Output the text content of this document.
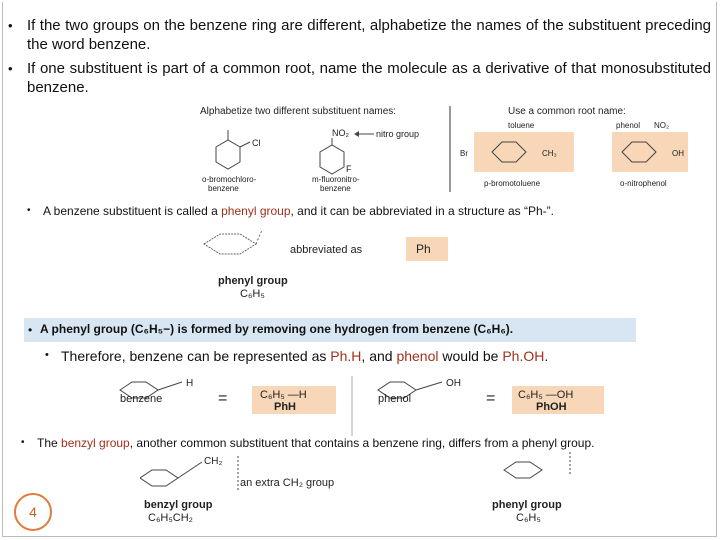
• If the two groups on the benzene ring are different, alphabetize the names of the substituent preceding the word benzene.
• If one substituent is part of a common root, name the molecule as a derivative of that monosubstituted benzene.
Alphabetize two different substituent names:	Use a common root name:
Cl
o-bromochloro-
benzene
NO₂	nitro group
F
m-fluoronitro-
benzene
toluene
Br	CH₃
p-bromotoluene
phenol NO₂
OH
o-nitrophenol
• A benzene substituent is called a phenyl group, and it can be abbreviated in a structure as “Ph-”.
abbreviated as	Ph
phenyl group
C₆H₅
• A phenyl group (C₆H₅−) is formed by removing one hydrogen from benzene (C₆H₆).
• Therefore, benzene can be represented as Ph.H, and phenol would be Ph.OH.
H
benzene	=	C₆H₅ —H
PhH
OH
phenol	= C₆H₅ —OH
PhOH
• The benzyl group, another common substituent that contains a benzene ring, differs from a phenyl group.
CH₂
an extra CH₂ group
benzyl group
C₆H₅CH₂
phenyl group
C₆H₅
4
